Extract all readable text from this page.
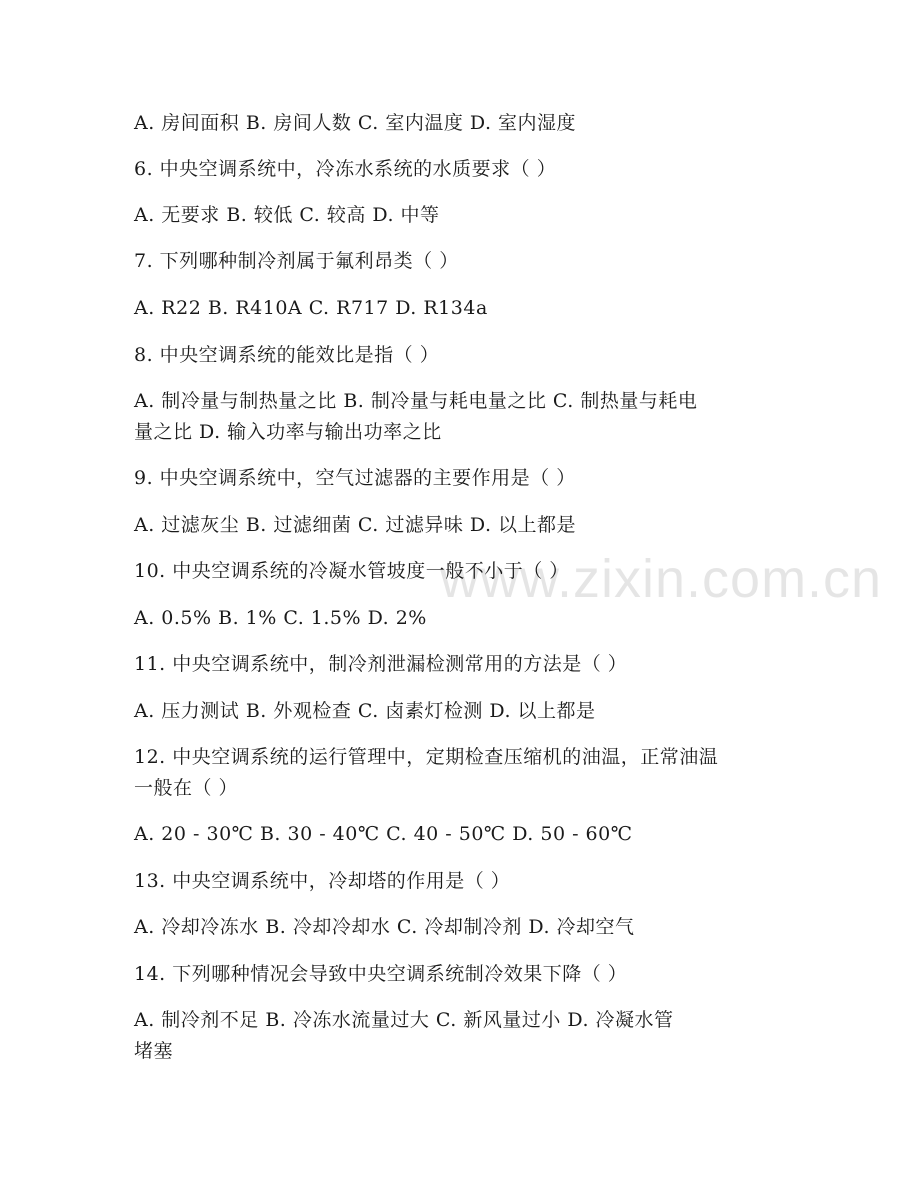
A. 房间面积 B. 房间人数 C. 室内温度 D. 室内湿度
6. 中央空调系统中，冷冻水系统的水质要求（ ）
A. 无要求 B. 较低 C. 较高 D. 中等
7. 下列哪种制冷剂属于氟利昂类（ ）
A. R22 B. R410A C. R717 D. R134a
8. 中央空调系统的能效比是指（ ）
A. 制冷量与制热量之比 B. 制冷量与耗电量之比 C. 制热量与耗电
量之比 D. 输入功率与输出功率之比
9. 中央空调系统中，空气过滤器的主要作用是（ ）
A. 过滤灰尘 B. 过滤细菌 C. 过滤异味 D. 以上都是
10. 中央空调系统的冷凝水管坡度一般不小于（ ）
A. 0.5% B. 1% C. 1.5% D. 2%
11. 中央空调系统中，制冷剂泄漏检测常用的方法是（ ）
A. 压力测试 B. 外观检查 C. 卤素灯检测 D. 以上都是
12. 中央空调系统的运行管理中，定期检查压缩机的油温，正常油温
一般在（ ）
A. 20 - 30℃ B. 30 - 40℃ C. 40 - 50℃ D. 50 - 60℃
13. 中央空调系统中，冷却塔的作用是（ ）
A. 冷却冷冻水 B. 冷却冷却水 C. 冷却制冷剂 D. 冷却空气
14. 下列哪种情况会导致中央空调系统制冷效果下降（ ）
A. 制冷剂不足 B. 冷冻水流量过大 C. 新风量过小 D. 冷凝水管
堵塞
www.zixin.com.cn
